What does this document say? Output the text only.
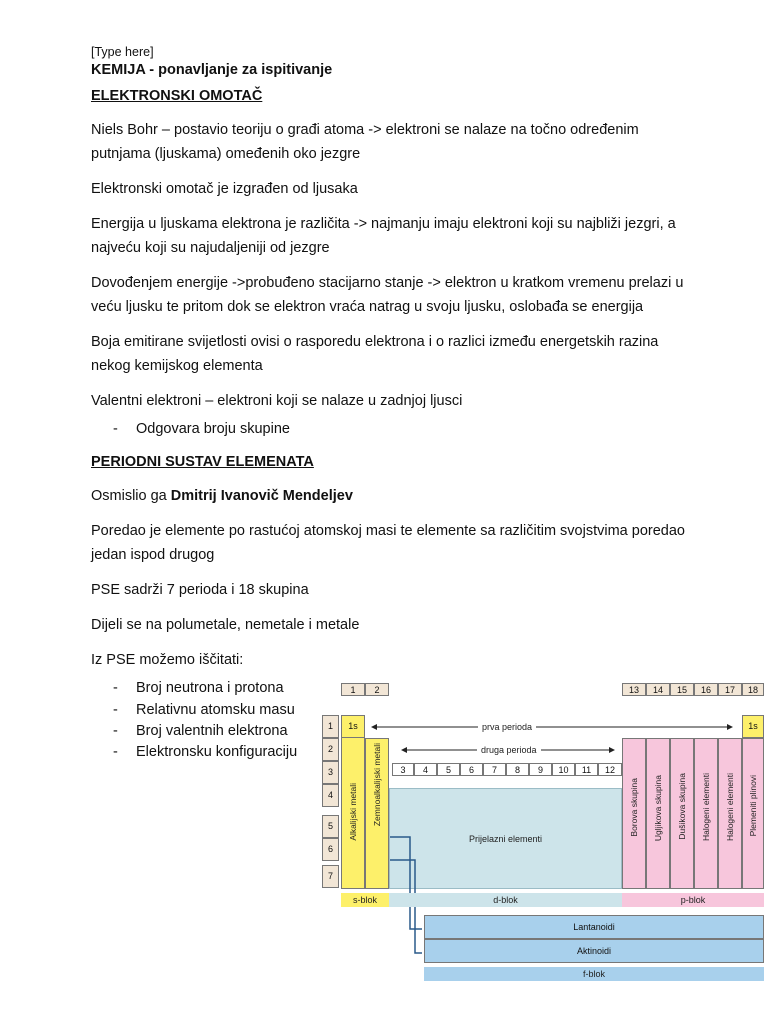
[Type here]
KEMIJA - ponavljanje za ispitivanje
ELEKTRONSKI OMOTAČ

Niels Bohr – postavio teoriju o građi atoma -> elektroni se nalaze na točno određenim putnjama (ljuskama) omeđenih oko jezgre

Elektronski omotač je izgrađen od ljusaka

Energija u ljuskama elektrona je različita -> najmanju imaju elektroni koji su najbliži jezgri, a najveću koji su najudaljeniji od jezgre

Dovođenjem energije ->probuđeno stacijarno stanje -> elektron u kratkom vremenu prelazi u veću ljusku te pritom dok se elektron vraća natrag u svoju ljusku, oslobađa se energija

Boja emitirane svijetlosti ovisi o rasporedu elektrona i o razlici između energetskih razina nekog kemijskog elementa

Valentni elektroni – elektroni koji se nalaze u zadnjoj ljusci

- Odgovara broju skupine
PERIODNI SUSTAV ELEMENATA

Osmislio ga Dmitrij Ivanovič Mendeljev

Poredao je elemente po rastućoj atomskoj masi te elemente sa različitim svojstvima poredao jedan ispod drugog

PSE sadrži 7 perioda i 18 skupina

Dijeli se na polumetale, nemetale i metale

Iz PSE možemo iščitati:

- Broj neutrona i protona
- Relativnu atomsku masu
- Broj valentnih elektrona
- Elektronsku konfiguraciju
1	2	13	14	15	16	17	18
1
2
3
4
5
6
7
1s
Alkalijski metali Zemnoalkalijski metali
1s
3	4	5	6	7	8	9	10	11	12
Prijelazni elementi
Borova skupina Ugljikova skupina Dušikova skupina Halogeni elementi Halogeni elementi Plemeniti plinovi
prva perioda
druga perioda
s-blok	d-blok	p-blok
Lantanoidi
Aktinoidi
f-blok
